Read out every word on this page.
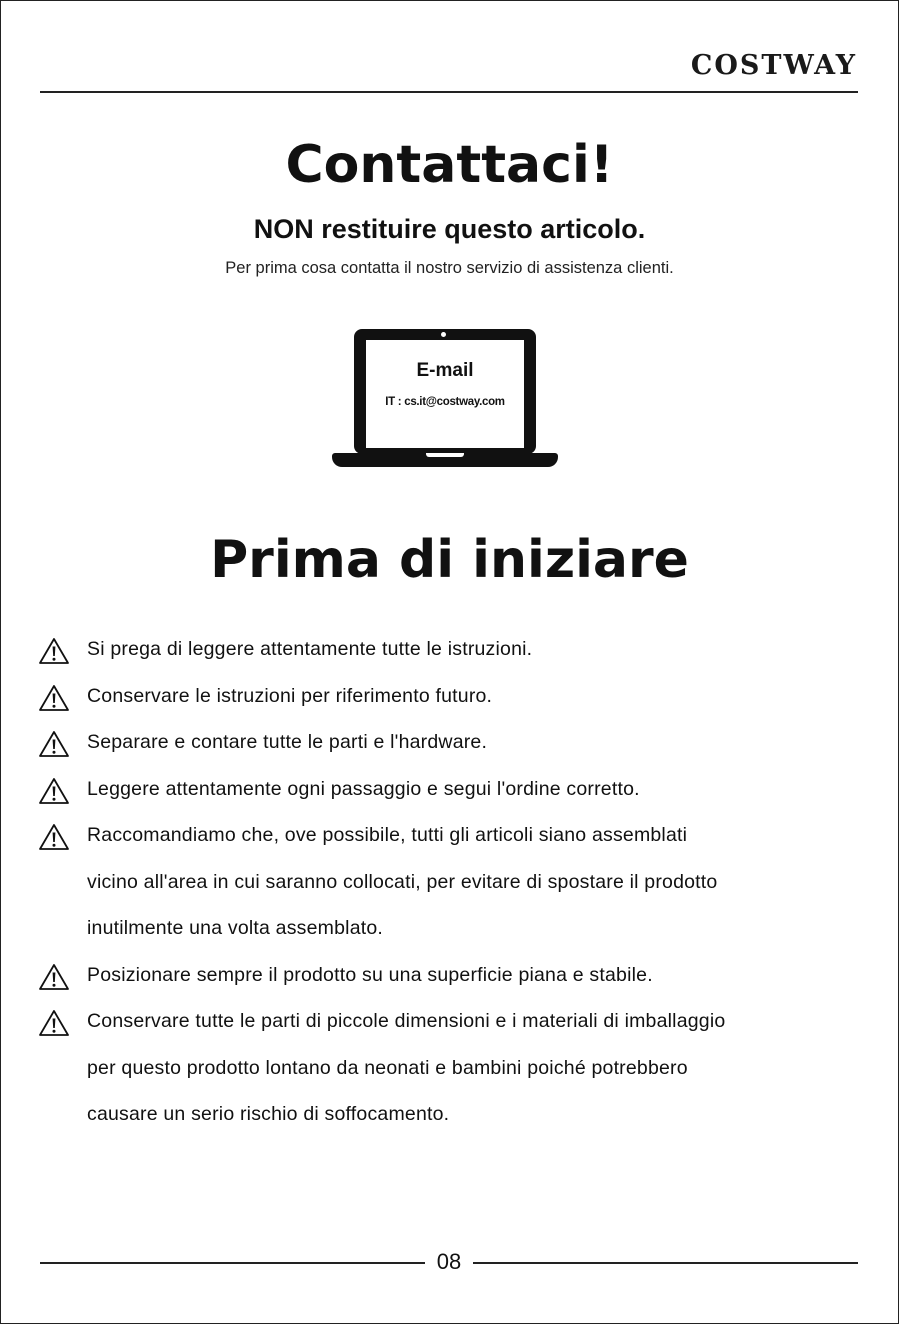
COSTWAY
Contattaci!
NON restituire questo articolo.
Per prima cosa contatta il nostro servizio di assistenza clienti.
E-mail
IT : cs.it@costway.com
Prima di iniziare
Si prega di leggere attentamente tutte le istruzioni.
Conservare le istruzioni per riferimento futuro.
Separare e contare tutte le parti e l'hardware.
Leggere attentamente ogni passaggio e segui l'ordine corretto.
Raccomandiamo che, ove possibile, tutti gli articoli siano assemblati
vicino all'area in cui saranno collocati, per evitare di spostare il prodotto
inutilmente una volta assemblato.
Posizionare sempre il prodotto su una superficie piana e stabile.
Conservare tutte le parti di piccole dimensioni e i materiali di imballaggio
per questo prodotto lontano da neonati e bambini poiché potrebbero
causare un serio rischio di soffocamento.
08
